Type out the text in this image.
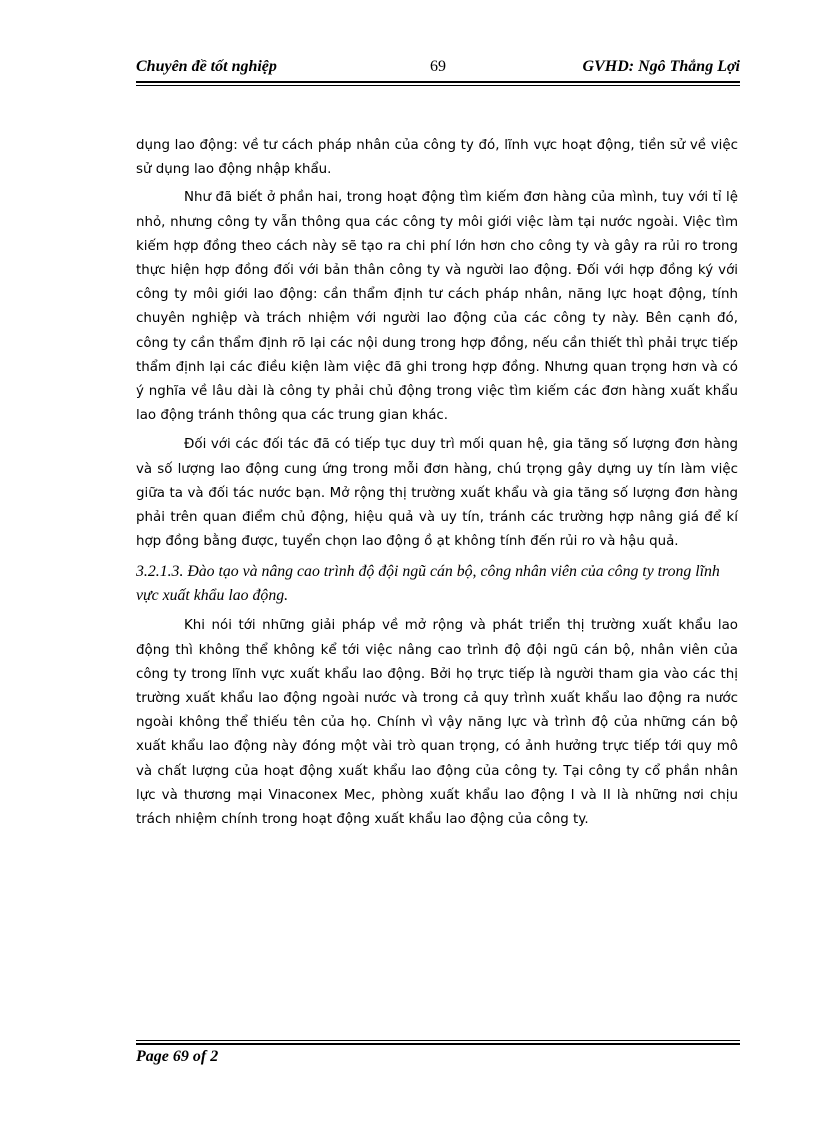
Chuyên đề tốt nghiệp	69	GVHD: Ngô Thắng Lợi

dụng lao động: về tư cách pháp nhân của công ty đó, lĩnh vực hoạt động, tiền sử về việc sử dụng lao động nhập khẩu.

Như đã biết ở phần hai, trong hoạt động tìm kiếm đơn hàng của mình, tuy với tỉ lệ nhỏ, nhưng công ty vẫn thông qua các công ty môi giới việc làm tại nước ngoài. Việc tìm kiếm hợp đồng theo cách này sẽ tạo ra chi phí lớn hơn cho công ty và gây ra rủi ro trong thực hiện hợp đồng đối với bản thân công ty và người lao động. Đối với hợp đồng ký với công ty môi giới lao động: cần thẩm định tư cách pháp nhân, năng lực hoạt động, tính chuyên nghiệp và trách nhiệm với người lao động của các công ty này. Bên cạnh đó, công ty cần thẩm định rõ lại các nội dung trong hợp đồng, nếu cần thiết thì phải trực tiếp thẩm định lại các điều kiện làm việc đã ghi trong hợp đồng. Nhưng quan trọng hơn và có ý nghĩa về lâu dài là công ty phải chủ động trong việc tìm kiếm các đơn hàng xuất khẩu lao động tránh thông qua các trung gian khác.

Đối với các đối tác đã có tiếp tục duy trì mối quan hệ, gia tăng số lượng đơn hàng và số lượng lao động cung ứng trong mỗi đơn hàng, chú trọng gây dựng uy tín làm việc giữa ta và đối tác nước bạn. Mở rộng thị trường xuất khẩu và gia tăng số lượng đơn hàng phải trên quan điểm chủ động, hiệu quả và uy tín, tránh các trường hợp nâng giá để kí hợp đồng bằng được, tuyển chọn lao động ồ ạt không tính đến rủi ro và hậu quả.

3.2.1.3. Đào tạo và nâng cao trình độ đội ngũ cán bộ, công nhân viên của công ty trong lĩnh vực xuất khẩu lao động.

Khi nói tới những giải pháp về mở rộng và phát triển thị trường xuất khẩu lao động thì không thể không kể tới việc nâng cao trình độ đội ngũ cán bộ, nhân viên của công ty trong lĩnh vực xuất khẩu lao động. Bởi họ trực tiếp là người tham gia vào các thị trường xuất khẩu lao động ngoài nước và trong cả quy trình xuất khẩu lao động ra nước ngoài không thể thiếu tên của họ. Chính vì vậy năng lực và trình độ của những cán bộ xuất khẩu lao động này đóng một vài trò quan trọng, có ảnh hưởng trực tiếp tới quy mô và chất lượng của hoạt động xuất khẩu lao động của công ty. Tại công ty cổ phần nhân lực và thương mại Vinaconex Mec, phòng xuất khẩu lao động I và II là những nơi chịu trách nhiệm chính trong hoạt động xuất khẩu lao động của công ty.

Page 69 of 2
